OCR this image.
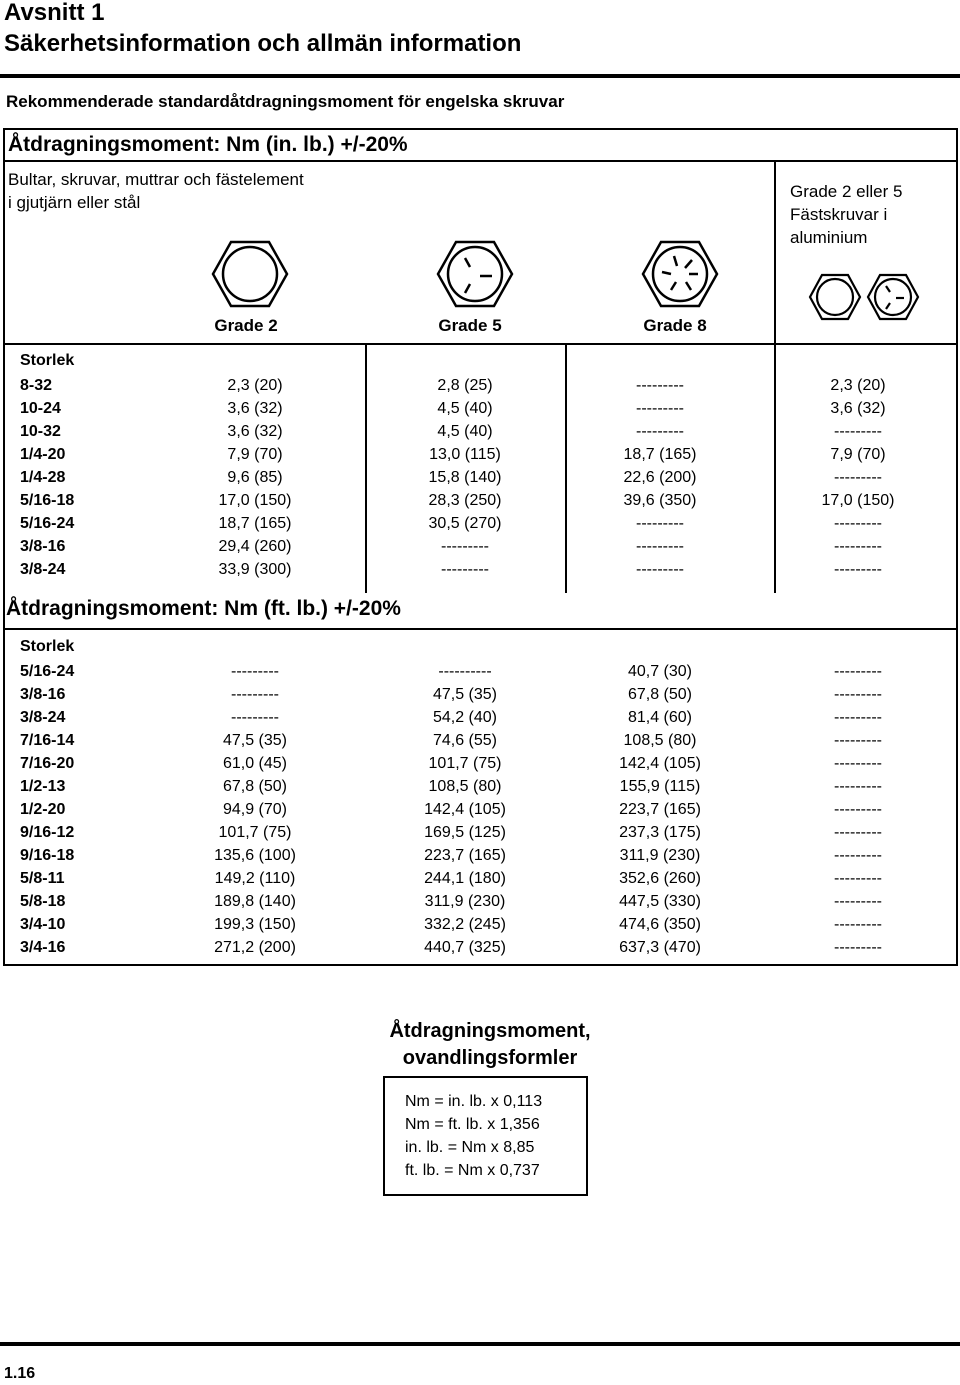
Avsnitt 1
Säkerhetsinformation och allmän information
Rekommenderade standardåtdragningsmoment för engelska skruvar
Åtdragningsmoment: Nm (in. lb.) +/-20%
Bultar, skruvar, muttrar och fästelement
i gjutjärn eller stål
Grade 2 eller 5
Fästskruvar i
aluminium
Grade 2	Grade 5	Grade 8
Storlek
8-32	2,3 (20)	2,8 (25)	---------	2,3 (20)
10-24	3,6 (32)	4,5 (40)	---------	3,6 (32)
10-32	3,6 (32)	4,5 (40)	---------	---------
1/4-20	7,9 (70)	13,0 (115)	18,7 (165)	7,9 (70)
1/4-28	9,6 (85)	15,8 (140)	22,6 (200)	---------
5/16-18	17,0 (150)	28,3 (250)	39,6 (350)	17,0 (150)
5/16-24	18,7 (165)	30,5 (270)	---------	---------
3/8-16	29,4 (260)	---------	---------	---------
3/8-24	33,9 (300)	---------	---------	---------
Åtdragningsmoment: Nm (ft. lb.) +/-20%
Storlek
5/16-24	---------	----------	40,7 (30)	---------
3/8-16	---------	47,5 (35)	67,8 (50)	---------
3/8-24	---------	54,2 (40)	81,4 (60)	---------
7/16-14	47,5 (35)	74,6 (55)	108,5 (80)	---------
7/16-20	61,0 (45)	101,7 (75)	142,4 (105)	---------
1/2-13	67,8 (50)	108,5 (80)	155,9 (115)	---------
1/2-20	94,9 (70)	142,4 (105)	223,7 (165)	---------
9/16-12	101,7 (75)	169,5 (125)	237,3 (175)	---------
9/16-18	135,6 (100)	223,7 (165)	311,9 (230)	---------
5/8-11	149,2 (110)	244,1 (180)	352,6 (260)	---------
5/8-18	189,8 (140)	311,9 (230)	447,5 (330)	---------
3/4-10	199,3 (150)	332,2 (245)	474,6 (350)	---------
3/4-16	271,2 (200)	440,7 (325)	637,3 (470)	---------
Åtdragningsmoment,
ovandlingsformler
Nm = in. lb. x 0,113
Nm = ft. lb. x 1,356
in. lb. = Nm x 8,85
ft. lb. = Nm x 0,737
1.16
